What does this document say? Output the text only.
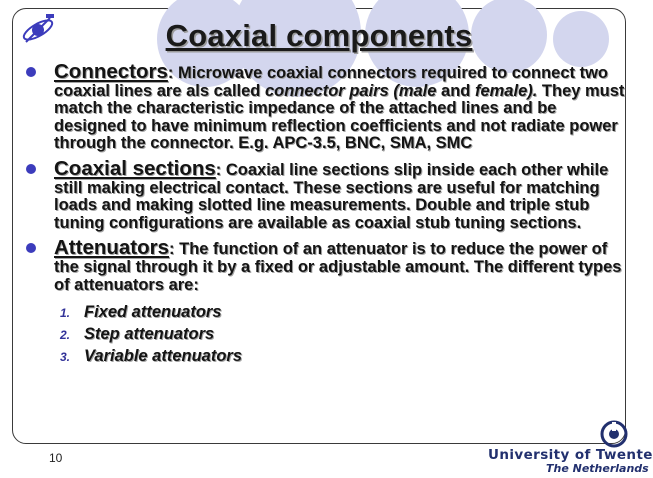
Coaxial components
Connectors: Microwave coaxial connectors required to connect two coaxial lines are als called connector pairs (male and female). They must match the characteristic impedance of the attached lines and be designed to have minimum reflection coefficients and not radiate power through the connector. E.g. APC-3.5, BNC, SMA, SMC
Coaxial sections: Coaxial line sections slip inside each other while still making electrical contact. These sections are useful for matching loads and making slotted line measurements. Double and triple stub tuning configurations are available as coaxial stub tuning sections.
Attenuators: The function of an attenuator is to reduce the power of the signal through it by a fixed or adjustable amount. The different types of attenuators are:
1. Fixed attenuators
2. Step attenuators
3. Variable attenuators
10	University of Twente
The Netherlands
